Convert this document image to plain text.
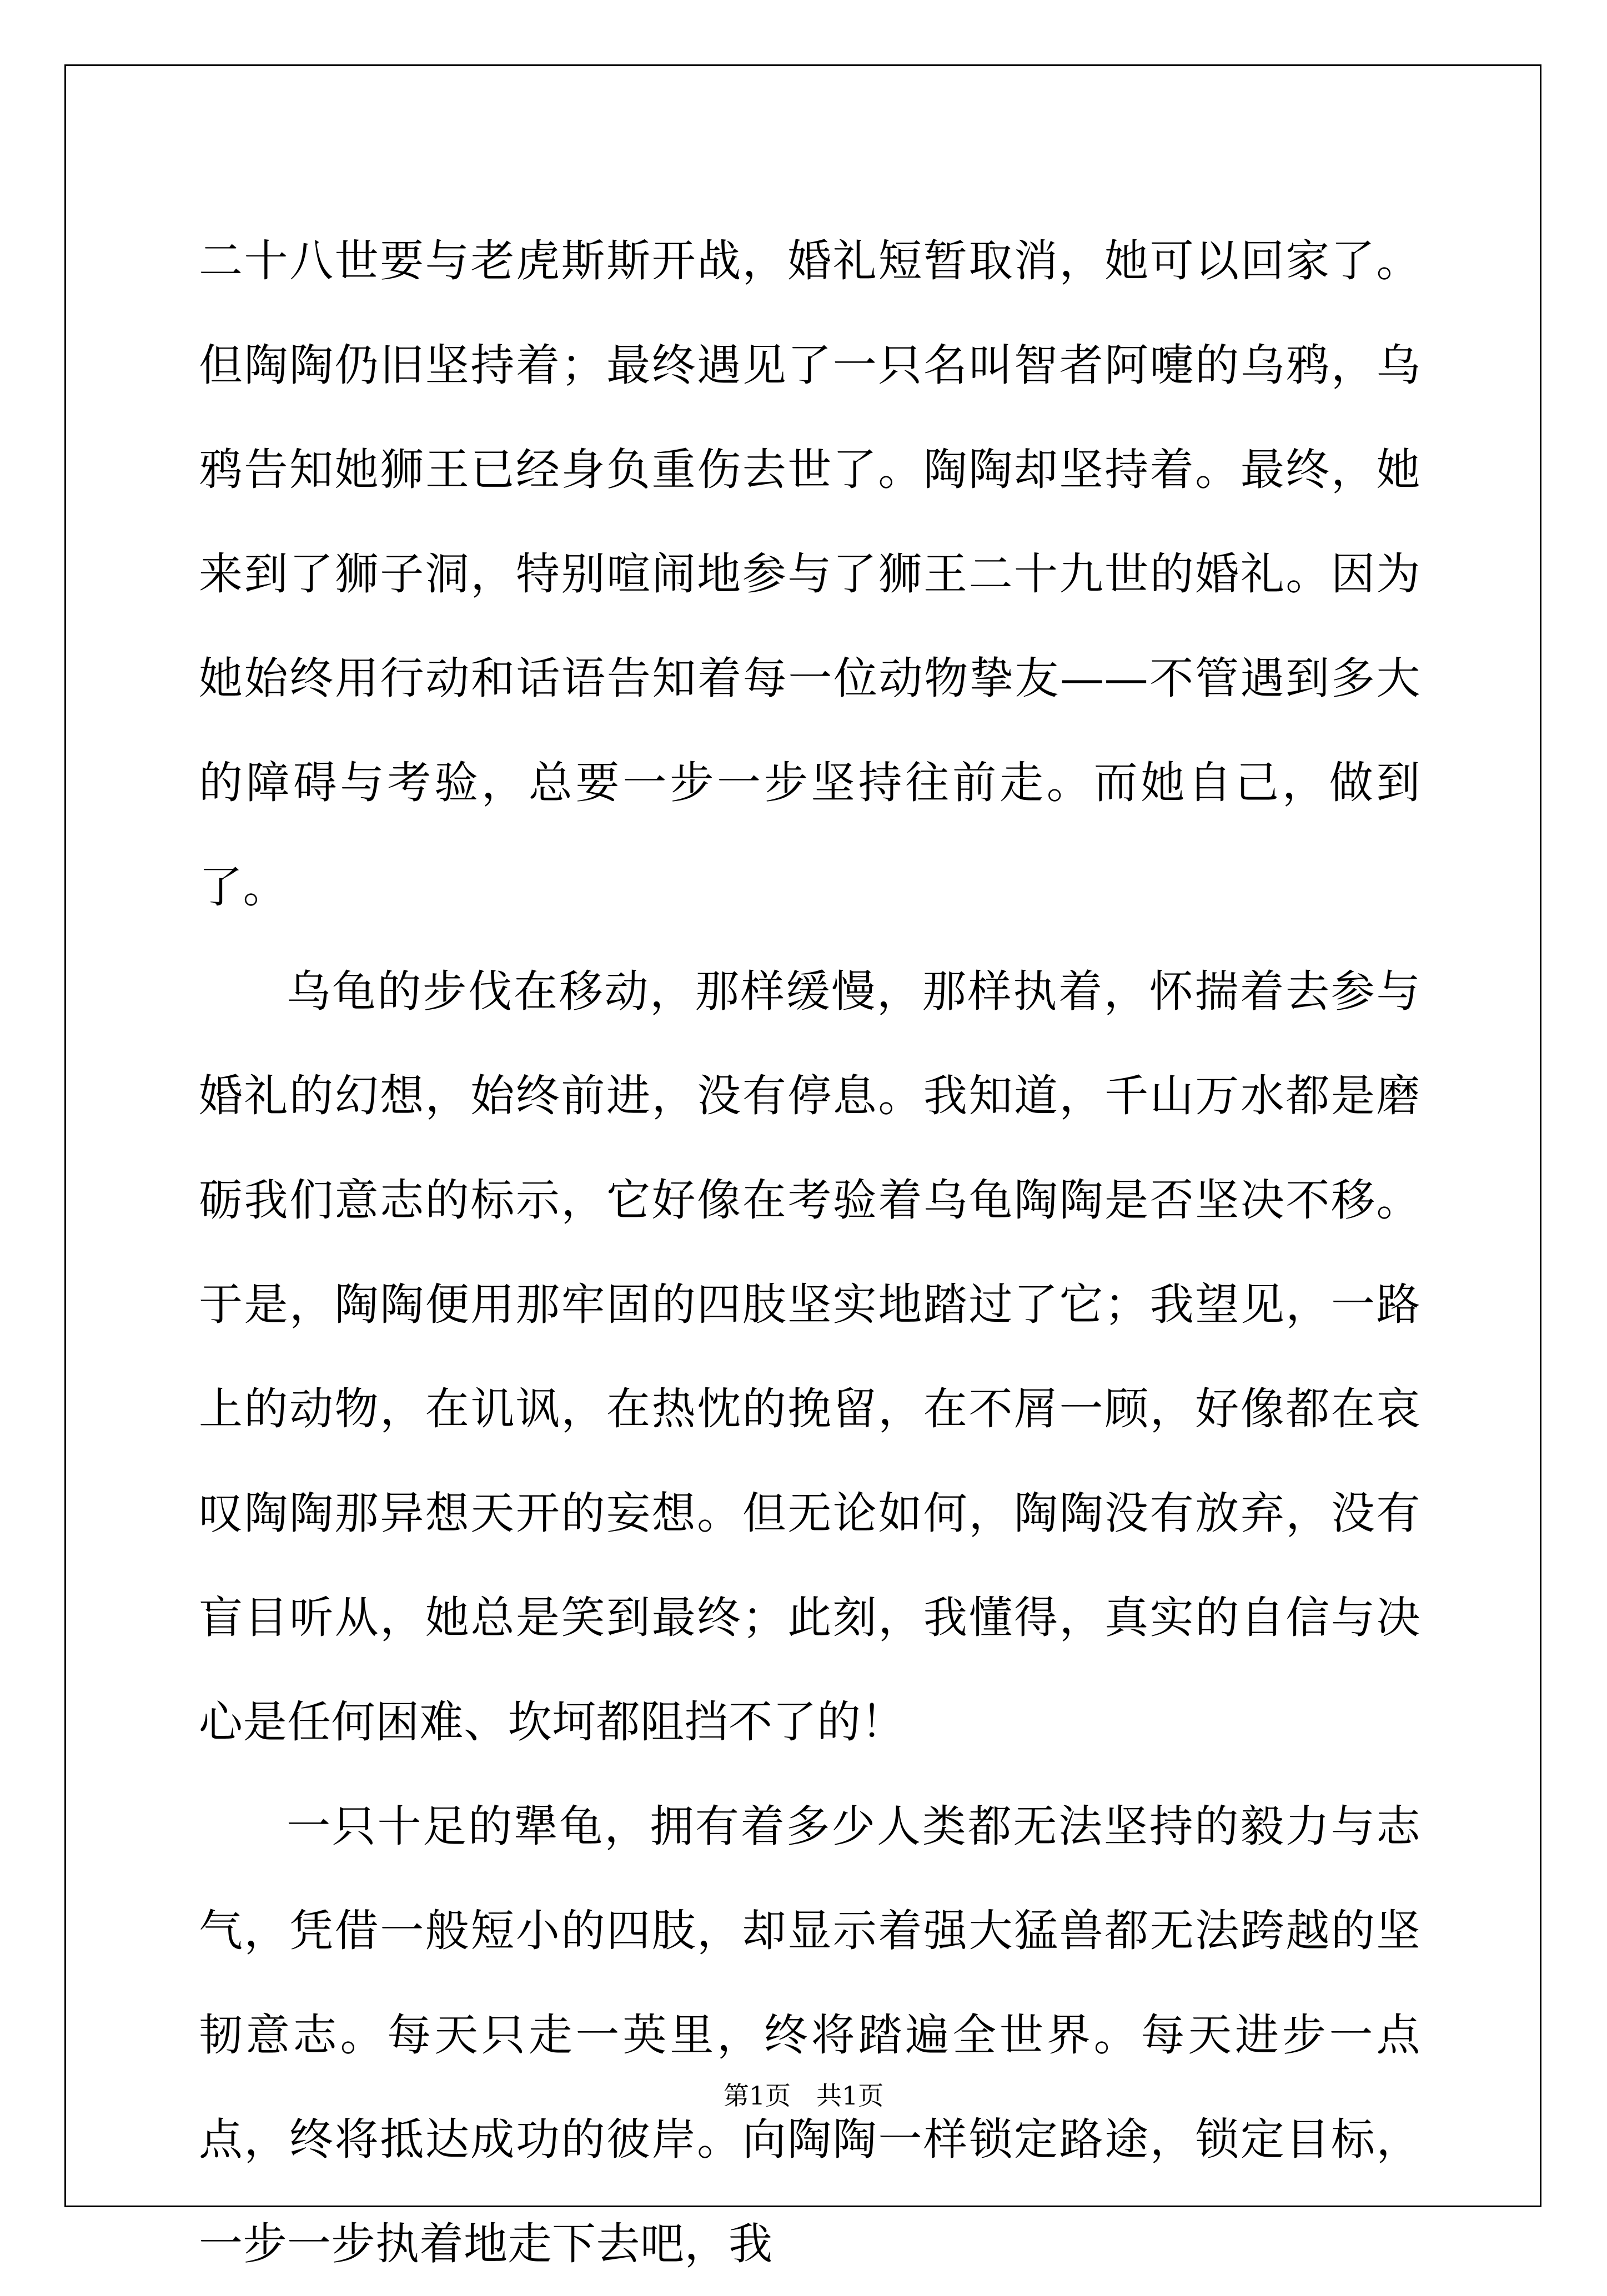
二十八世要与老虎斯斯开战，婚礼短暂取消，她可以回家了。但陶陶仍旧坚持着；最终遇见了一只名叫智者阿嚏的乌鸦，乌鸦告知她狮王已经身负重伤去世了。陶陶却坚持着。最终，她来到了狮子洞，特别喧闹地参与了狮王二十九世的婚礼。因为她始终用行动和话语告知着每一位动物挚友——不管遇到多大的障碍与考验，总要一步一步坚持往前走。而她自己，做到了。

乌龟的步伐在移动，那样缓慢，那样执着，怀揣着去参与婚礼的幻想，始终前进，没有停息。我知道，千山万水都是磨砺我们意志的标示，它好像在考验着乌龟陶陶是否坚决不移。于是，陶陶便用那牢固的四肢坚实地踏过了它；我望见，一路上的动物，在讥讽，在热忱的挽留，在不屑一顾，好像都在哀叹陶陶那异想天开的妄想。但无论如何，陶陶没有放弃，没有盲目听从，她总是笑到最终；此刻，我懂得，真实的自信与决心是任何困难、坎坷都阻挡不了的！

一只十足的犟龟，拥有着多少人类都无法坚持的毅力与志气，凭借一般短小的四肢，却显示着强大猛兽都无法跨越的坚韧意志。每天只走一英里，终将踏遍全世界。每天进步一点点，终将抵达成功的彼岸。向陶陶一样锁定路途，锁定目标，一步一步执着地走下去吧，我

第1页　共1页
